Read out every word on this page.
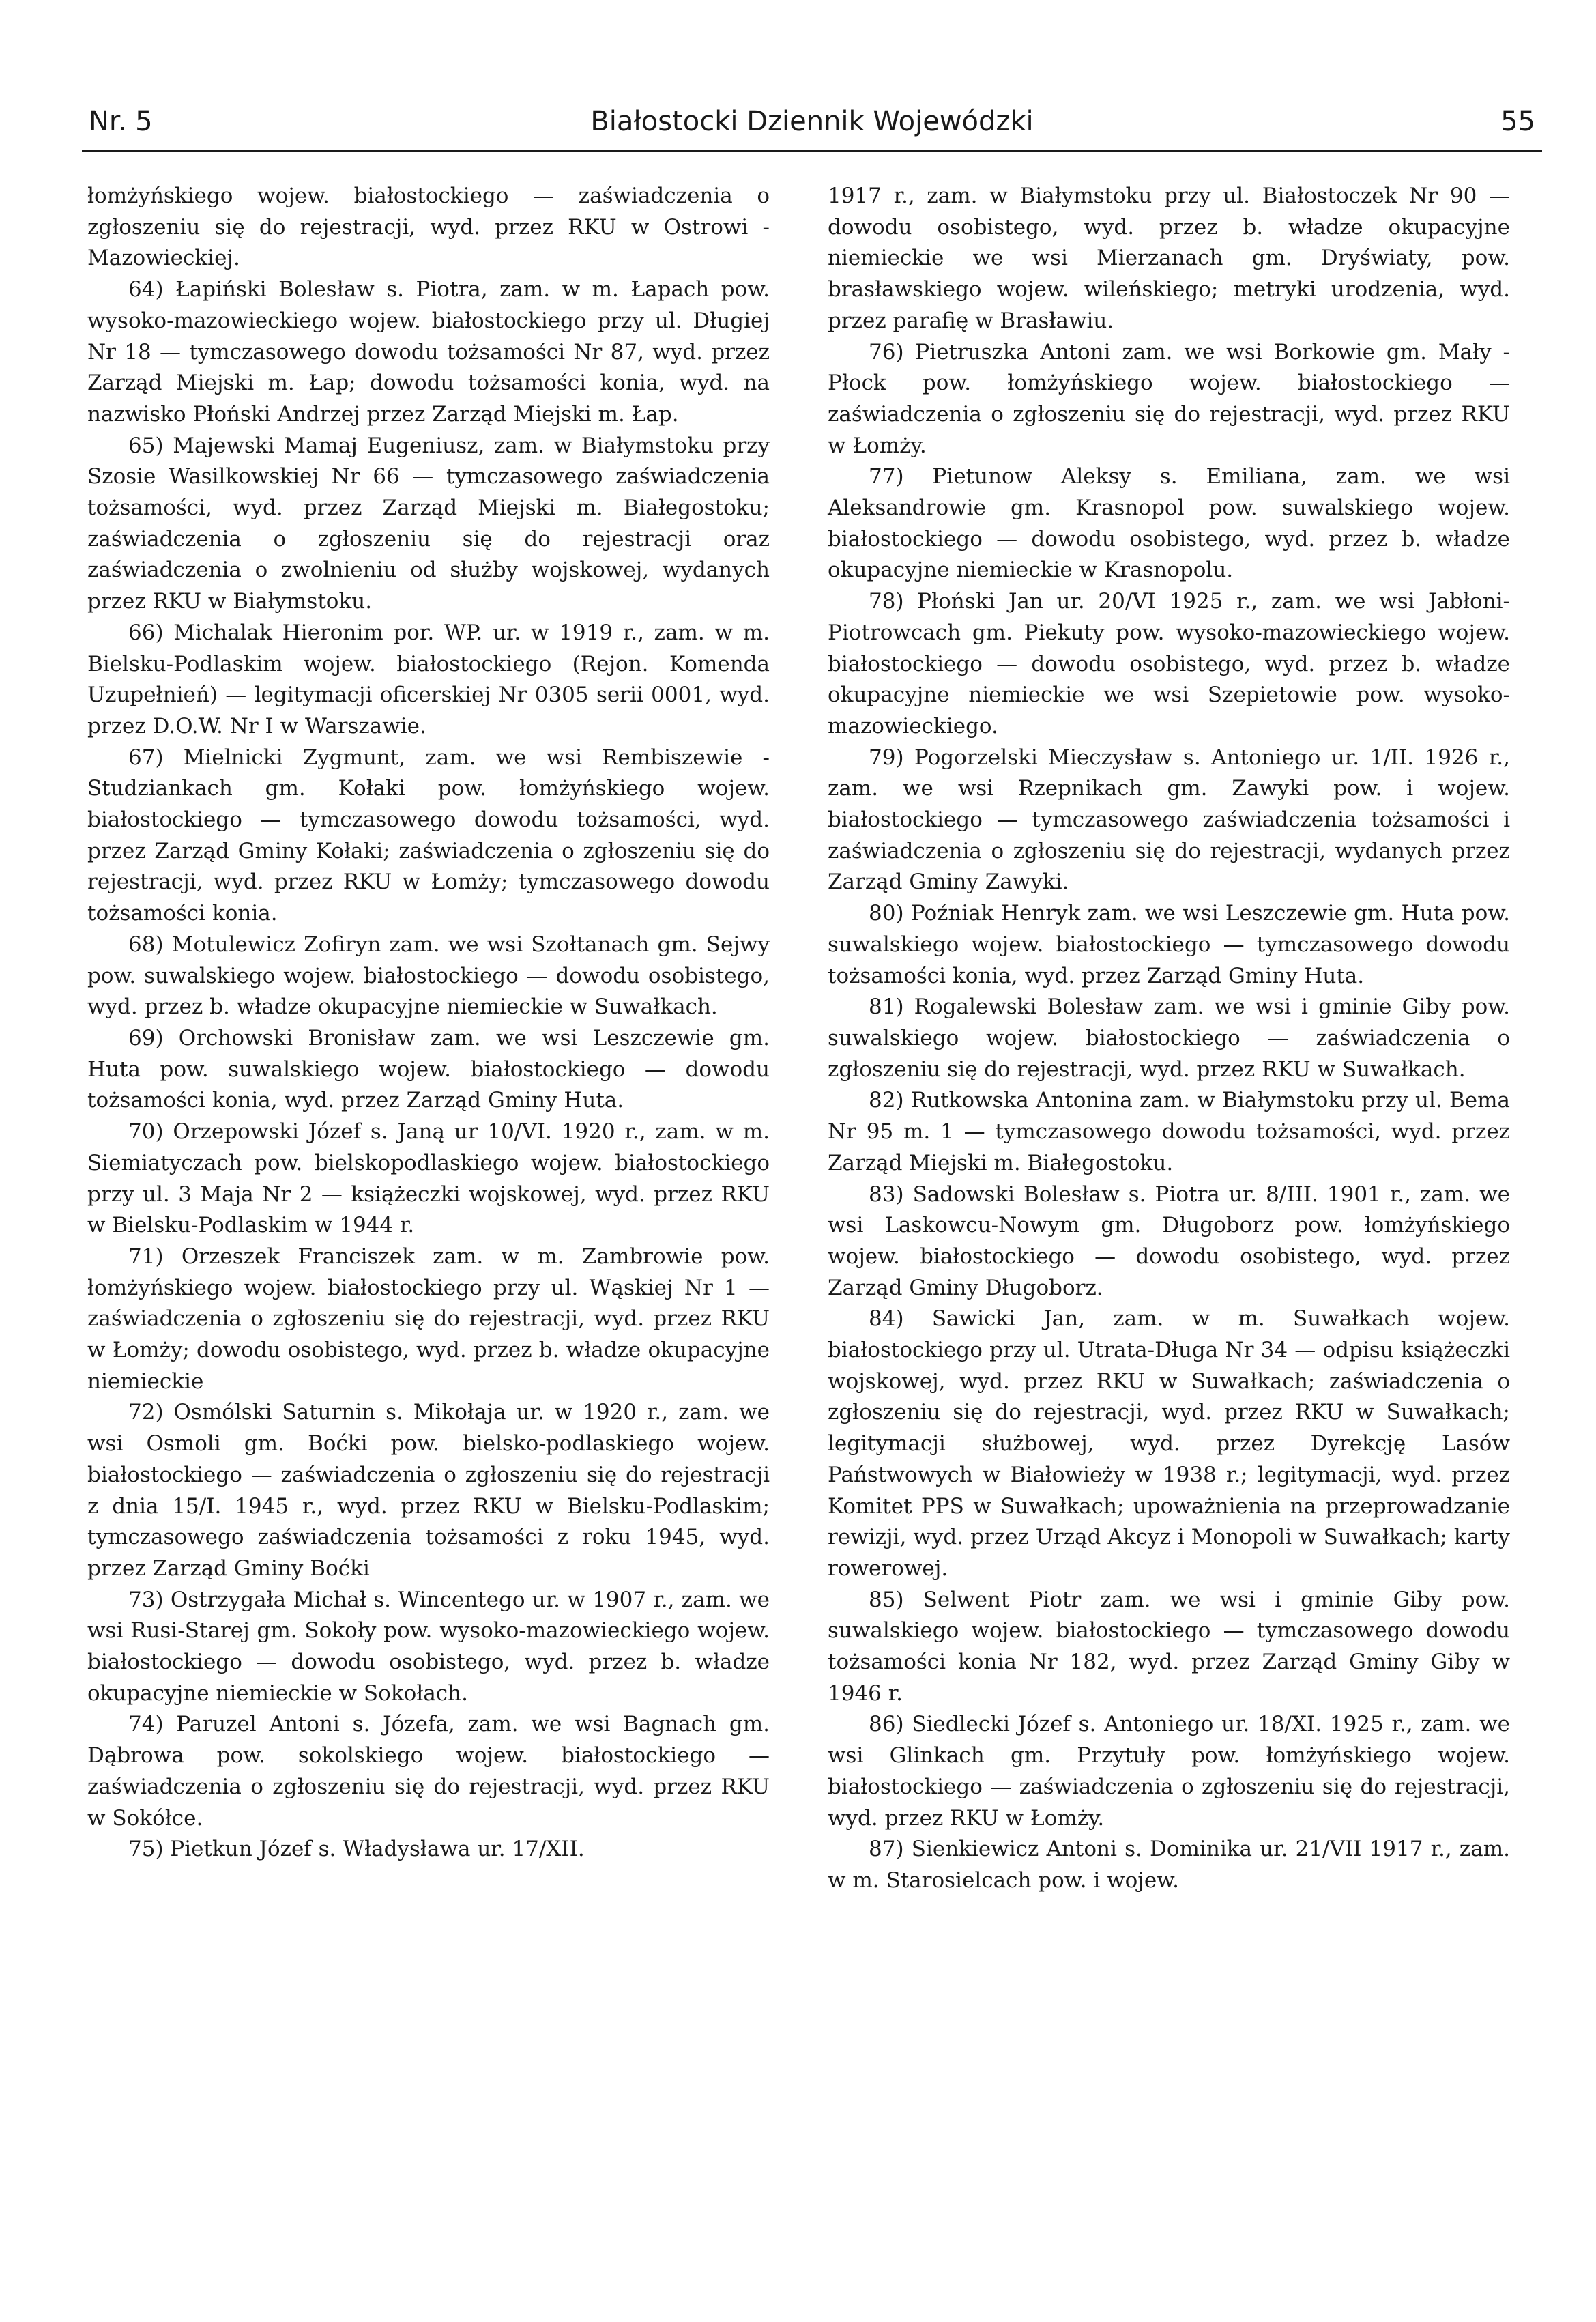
Nr. 5	Białostocki Dziennik Wojewódzki	55

łomżyńskiego wojew. białostockiego — zaświadczenia o zgłoszeniu się do rejestracji, wyd. przez RKU w Ostrowi - Mazowieckiej.

64) Łapiński Bolesław s. Piotra, zam. w m. Łapach pow. wysoko-mazowieckiego wojew. białostockiego przy ul. Długiej Nr 18 — tymczasowego dowodu tożsamości Nr 87, wyd. przez Zarząd Miejski m. Łap; dowodu tożsamości konia, wyd. na nazwisko Płoński Andrzej przez Zarząd Miejski m. Łap.

65) Majewski Mamaj Eugeniusz, zam. w Białymstoku przy Szosie Wasilkowskiej Nr 66 — tymczasowego zaświadczenia tożsamości, wyd. przez Zarząd Miejski m. Białegostoku; zaświadczenia o zgłoszeniu się do rejestracji oraz zaświadczenia o zwolnieniu od służby wojskowej, wydanych przez RKU w Białymstoku.

66) Michalak Hieronim por. WP. ur. w 1919 r., zam. w m. Bielsku-Podlaskim wojew. białostockiego (Rejon. Komenda Uzupełnień) — legitymacji oficerskiej Nr 0305 serii 0001, wyd. przez D.O.W. Nr I w Warszawie.

67) Mielnicki Zygmunt, zam. we wsi Rembiszewie - Studziankach gm. Kołaki pow. łomżyńskiego wojew. białostockiego — tymczasowego dowodu tożsamości, wyd. przez Zarząd Gminy Kołaki; zaświadczenia o zgłoszeniu się do rejestracji, wyd. przez RKU w Łomży; tymczasowego dowodu tożsamości konia.

68) Motulewicz Zofiryn zam. we wsi Szołtanach gm. Sejwy pow. suwalskiego wojew. białostockiego — dowodu osobistego, wyd. przez b. władze okupacyjne niemieckie w Suwałkach.

69) Orchowski Bronisław zam. we wsi Leszczewie gm. Huta pow. suwalskiego wojew. białostockiego — dowodu tożsamości konia, wyd. przez Zarząd Gminy Huta.

70) Orzepowski Józef s. Janą ur 10/VI. 1920 r., zam. w m. Siemiatyczach pow. bielskopodlaskiego wojew. białostockiego przy ul. 3 Maja Nr 2 — książeczki wojskowej, wyd. przez RKU w Bielsku-Podlaskim w 1944 r.

71) Orzeszek Franciszek zam. w m. Zambrowie pow. łomżyńskiego wojew. białostockiego przy ul. Wąskiej Nr 1 — zaświadczenia o zgłoszeniu się do rejestracji, wyd. przez RKU w Łomży; dowodu osobistego, wyd. przez b. władze okupacyjne niemieckie

72) Osmólski Saturnin s. Mikołaja ur. w 1920 r., zam. we wsi Osmoli gm. Boćki pow. bielsko-podlaskiego wojew. białostockiego — zaświadczenia o zgłoszeniu się do rejestracji z dnia 15/I. 1945 r., wyd. przez RKU w Bielsku-Podlaskim; tymczasowego zaświadczenia tożsamości z roku 1945, wyd. przez Zarząd Gminy Boćki

73) Ostrzygała Michał s. Wincentego ur. w 1907 r., zam. we wsi Rusi-Starej gm. Sokoły pow. wysoko-mazowieckiego wojew. białostockiego — dowodu osobistego, wyd. przez b. władze okupacyjne niemieckie w Sokołach.

74) Paruzel Antoni s. Józefa, zam. we wsi Bagnach gm. Dąbrowa pow. sokolskiego wojew. białostockiego — zaświadczenia o zgłoszeniu się do rejestracji, wyd. przez RKU w Sokółce.

75) Pietkun Józef s. Władysława ur. 17/XII.

1917 r., zam. w Białymstoku przy ul. Białostoczek Nr 90 — dowodu osobistego, wyd. przez b. władze okupacyjne niemieckie we wsi Mierzanach gm. Dryświaty, pow. brasławskiego wojew. wileńskiego; metryki urodzenia, wyd. przez parafię w Brasławiu.

76) Pietruszka Antoni zam. we wsi Borkowie gm. Mały - Płock pow. łomżyńskiego wojew. białostockiego — zaświadczenia o zgłoszeniu się do rejestracji, wyd. przez RKU w Łomży.

77) Pietunow Aleksy s. Emiliana, zam. we wsi Aleksandrowie gm. Krasnopol pow. suwalskiego wojew. białostockiego — dowodu osobistego, wyd. przez b. władze okupacyjne niemieckie w Krasnopolu.

78) Płoński Jan ur. 20/VI 1925 r., zam. we wsi Jabłoni-Piotrowcach gm. Piekuty pow. wysoko-mazowieckiego wojew. białostockiego — dowodu osobistego, wyd. przez b. władze okupacyjne niemieckie we wsi Szepietowie pow. wysoko-mazowieckiego.

79) Pogorzelski Mieczysław s. Antoniego ur. 1/II. 1926 r., zam. we wsi Rzepnikach gm. Zawyki pow. i wojew. białostockiego — tymczasowego zaświadczenia tożsamości i zaświadczenia o zgłoszeniu się do rejestracji, wydanych przez Zarząd Gminy Zawyki.

80) Poźniak Henryk zam. we wsi Leszczewie gm. Huta pow. suwalskiego wojew. białostockiego — tymczasowego dowodu tożsamości konia, wyd. przez Zarząd Gminy Huta.

81) Rogalewski Bolesław zam. we wsi i gminie Giby pow. suwalskiego wojew. białostockiego — zaświadczenia o zgłoszeniu się do rejestracji, wyd. przez RKU w Suwałkach.

82) Rutkowska Antonina zam. w Białymstoku przy ul. Bema Nr 95 m. 1 — tymczasowego dowodu tożsamości, wyd. przez Zarząd Miejski m. Białegostoku.

83) Sadowski Bolesław s. Piotra ur. 8/III. 1901 r., zam. we wsi Laskowcu-Nowym gm. Długoborz pow. łomżyńskiego wojew. białostockiego — dowodu osobistego, wyd. przez Zarząd Gminy Długoborz.

84) Sawicki Jan, zam. w m. Suwałkach wojew. białostockiego przy ul. Utrata-Długa Nr 34 — odpisu książeczki wojskowej, wyd. przez RKU w Suwałkach; zaświadczenia o zgłoszeniu się do rejestracji, wyd. przez RKU w Suwałkach; legitymacji służbowej, wyd. przez Dyrekcję Lasów Państwowych w Białowieży w 1938 r.; legitymacji, wyd. przez Komitet PPS w Suwałkach; upoważnienia na przeprowadzanie rewizji, wyd. przez Urząd Akcyz i Monopoli w Suwałkach; karty rowerowej.

85) Selwent Piotr zam. we wsi i gminie Giby pow. suwalskiego wojew. białostockiego — tymczasowego dowodu tożsamości konia Nr 182, wyd. przez Zarząd Gminy Giby w 1946 r.

86) Siedlecki Józef s. Antoniego ur. 18/XI. 1925 r., zam. we wsi Glinkach gm. Przytuły pow. łomżyńskiego wojew. białostockiego — zaświadczenia o zgłoszeniu się do rejestracji, wyd. przez RKU w Łomży.

87) Sienkiewicz Antoni s. Dominika ur. 21/VII 1917 r., zam. w m. Starosielcach pow. i wojew.
